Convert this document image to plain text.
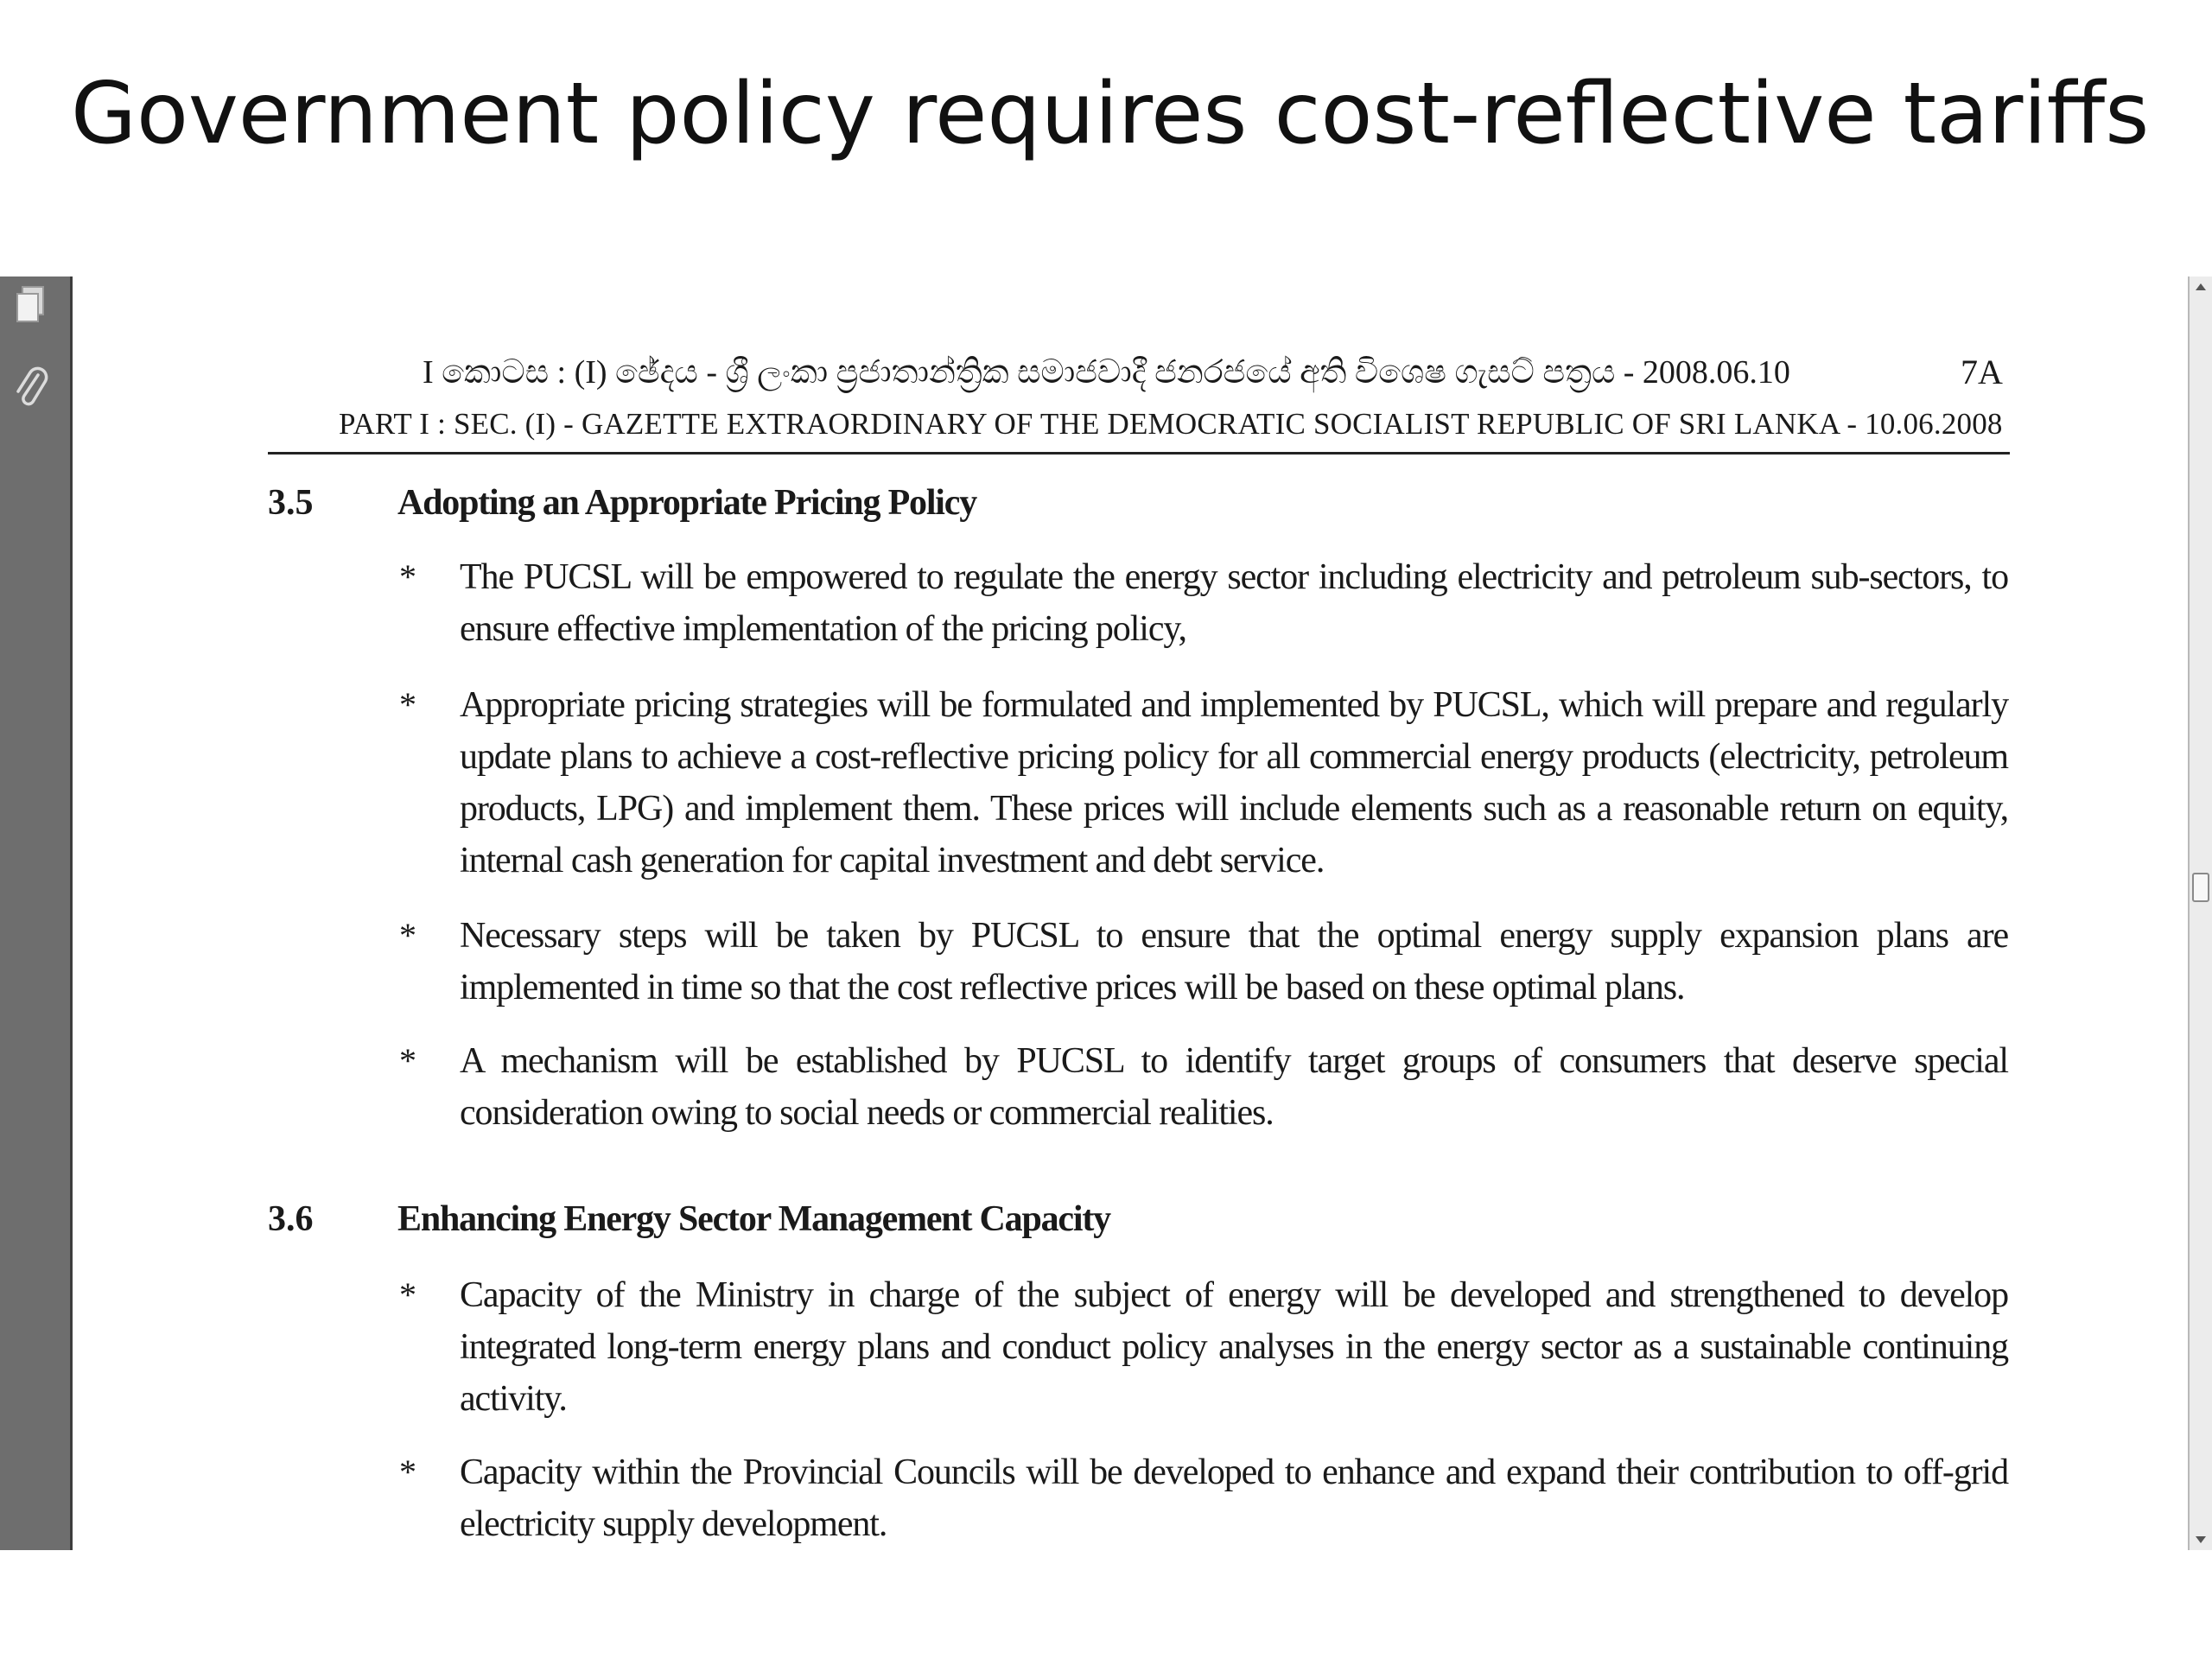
Government policy requires cost-reflective tariffs
I කොටස : (I) ඡේදය - ශ්‍රී ලංකා ප්‍රජාතාන්ත්‍රික සමාජවාදී ජනරජයේ අති විශෙෂ ගැසට් පත්‍රය - 2008.06.10	7A
PART I : SEC. (I) - GAZETTE EXTRAORDINARY OF THE DEMOCRATIC SOCIALIST REPUBLIC OF SRI LANKA - 10.06.2008
3.5 Adopting an Appropriate Pricing Policy
* The PUCSL will be empowered to regulate the energy sector including electricity and petroleum sub-sectors, to ensure effective implementation of the pricing policy,

* Appropriate pricing strategies will be formulated and implemented by PUCSL, which will prepare and regularly update plans to achieve a cost-reflective pricing policy for all commercial energy products (electricity, petroleum products, LPG) and implement them. These prices will include elements such as a reasonable return on equity, internal cash generation for capital investment and debt service.

* Necessary steps will be taken by PUCSL to ensure that the optimal energy supply expansion plans are implemented in time so that the cost reflective prices will be based on these optimal plans.

* A mechanism will be established by PUCSL to identify target groups of consumers that deserve special consideration owing to social needs or commercial realities.

3.6 Enhancing Energy Sector Management Capacity
* Capacity of the Ministry in charge of the subject of energy will be developed and strengthened to develop integrated long-term energy plans and conduct policy analyses in the energy sector as a sustainable continuing activity.

* Capacity within the Provincial Councils will be developed to enhance and expand their contribution to off-grid electricity supply development.
